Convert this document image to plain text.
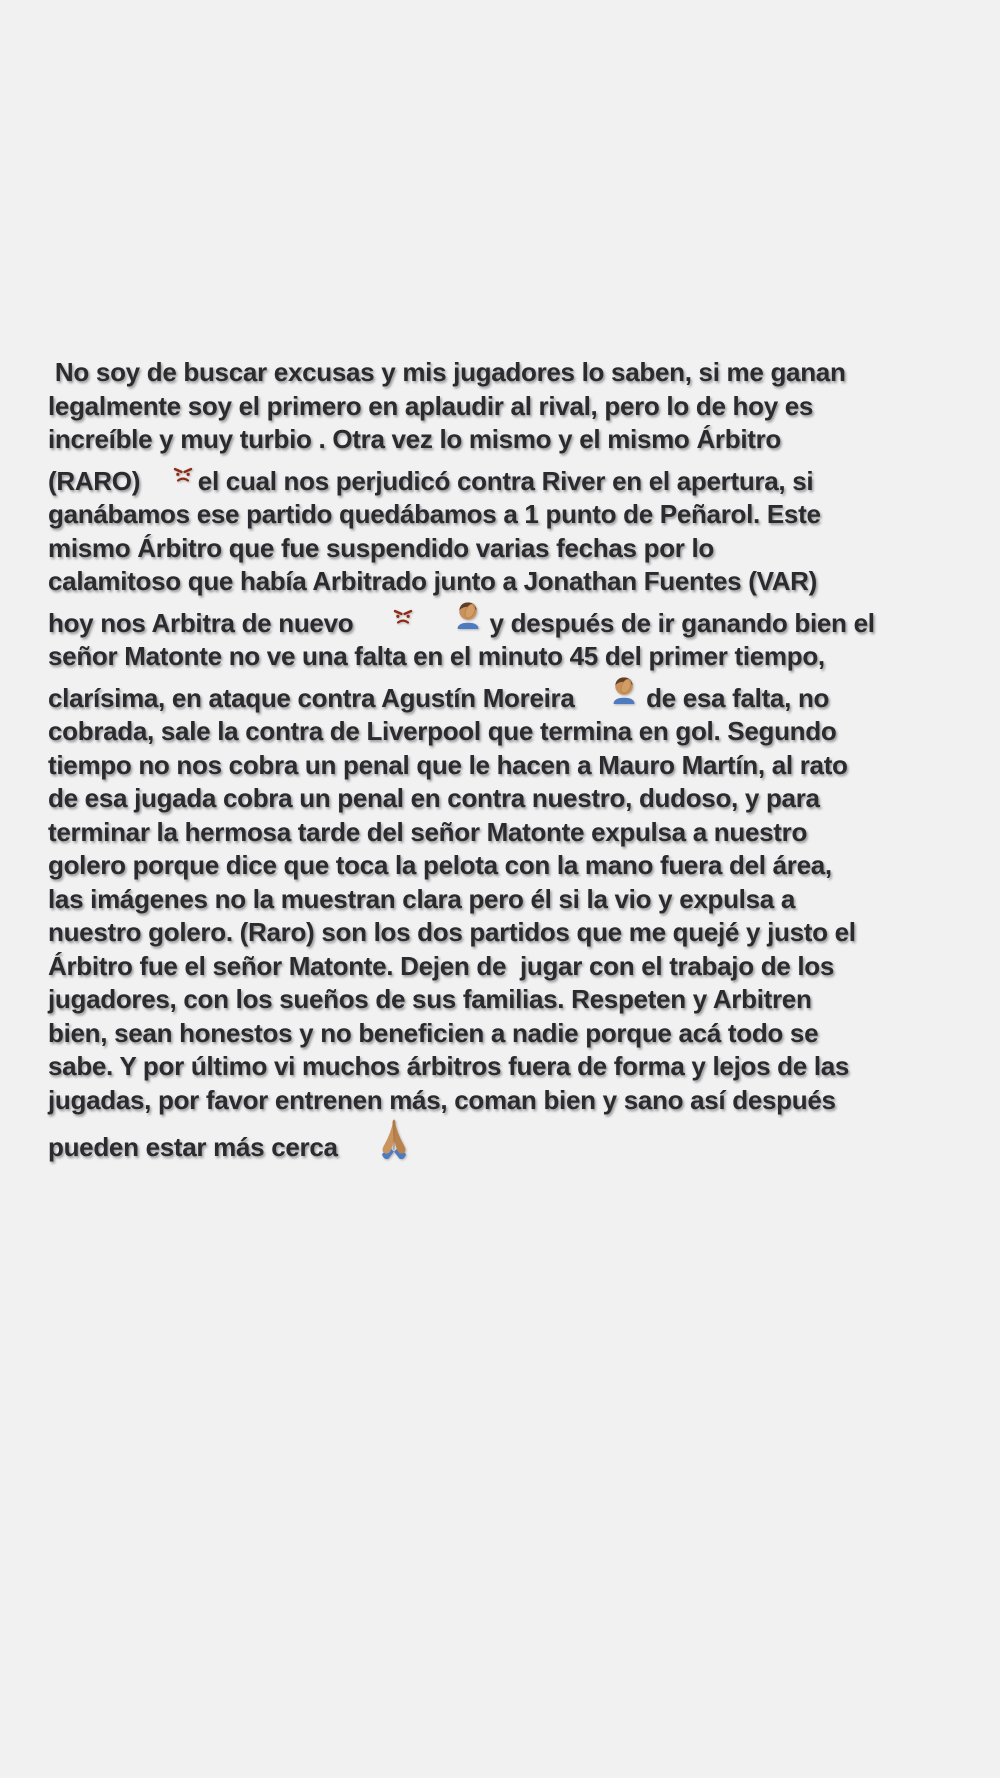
No soy de buscar excusas y mis jugadores lo saben, si me ganan
legalmente soy el primero en aplaudir al rival, pero lo de hoy es
increíble y muy turbio . Otra vez lo mismo y el mismo Árbitro
(RARO)
el cual nos perjudicó contra River en el apertura, si
ganábamos ese partido quedábamos a 1 punto de Peñarol. Este
mismo Árbitro que fue suspendido varias fechas por lo
calamitoso que había Arbitrado junto a Jonathan Fuentes (VAR)
hoy nos Arbitra de nuevo

	y después de ir ganando bien el
señor Matonte no ve una falta en el minuto 45 del primer tiempo,
clarísima, en ataque contra Agustín Moreira

de esa falta, no
cobrada, sale la contra de Liverpool que termina en gol. Segundo
tiempo no nos cobra un penal que le hacen a Mauro Martín, al rato
de esa jugada cobra un penal en contra nuestro, dudoso, y para
terminar la hermosa tarde del señor Matonte expulsa a nuestro
golero porque dice que toca la pelota con la mano fuera del área,
las imágenes no la muestran clara pero él si la vio y expulsa a
nuestro golero. (Raro) son los dos partidos que me quejé y justo el
Árbitro fue el señor Matonte. Dejen de  jugar con el trabajo de los
jugadores, con los sueños de sus familias. Respeten y Arbitren
bien, sean honestos y no beneficien a nadie porque acá todo se
sabe. Y por último vi muchos árbitros fuera de forma y lejos de las
jugadas, por favor entrenen más, coman bien y sano así después
pueden estar más cerca
